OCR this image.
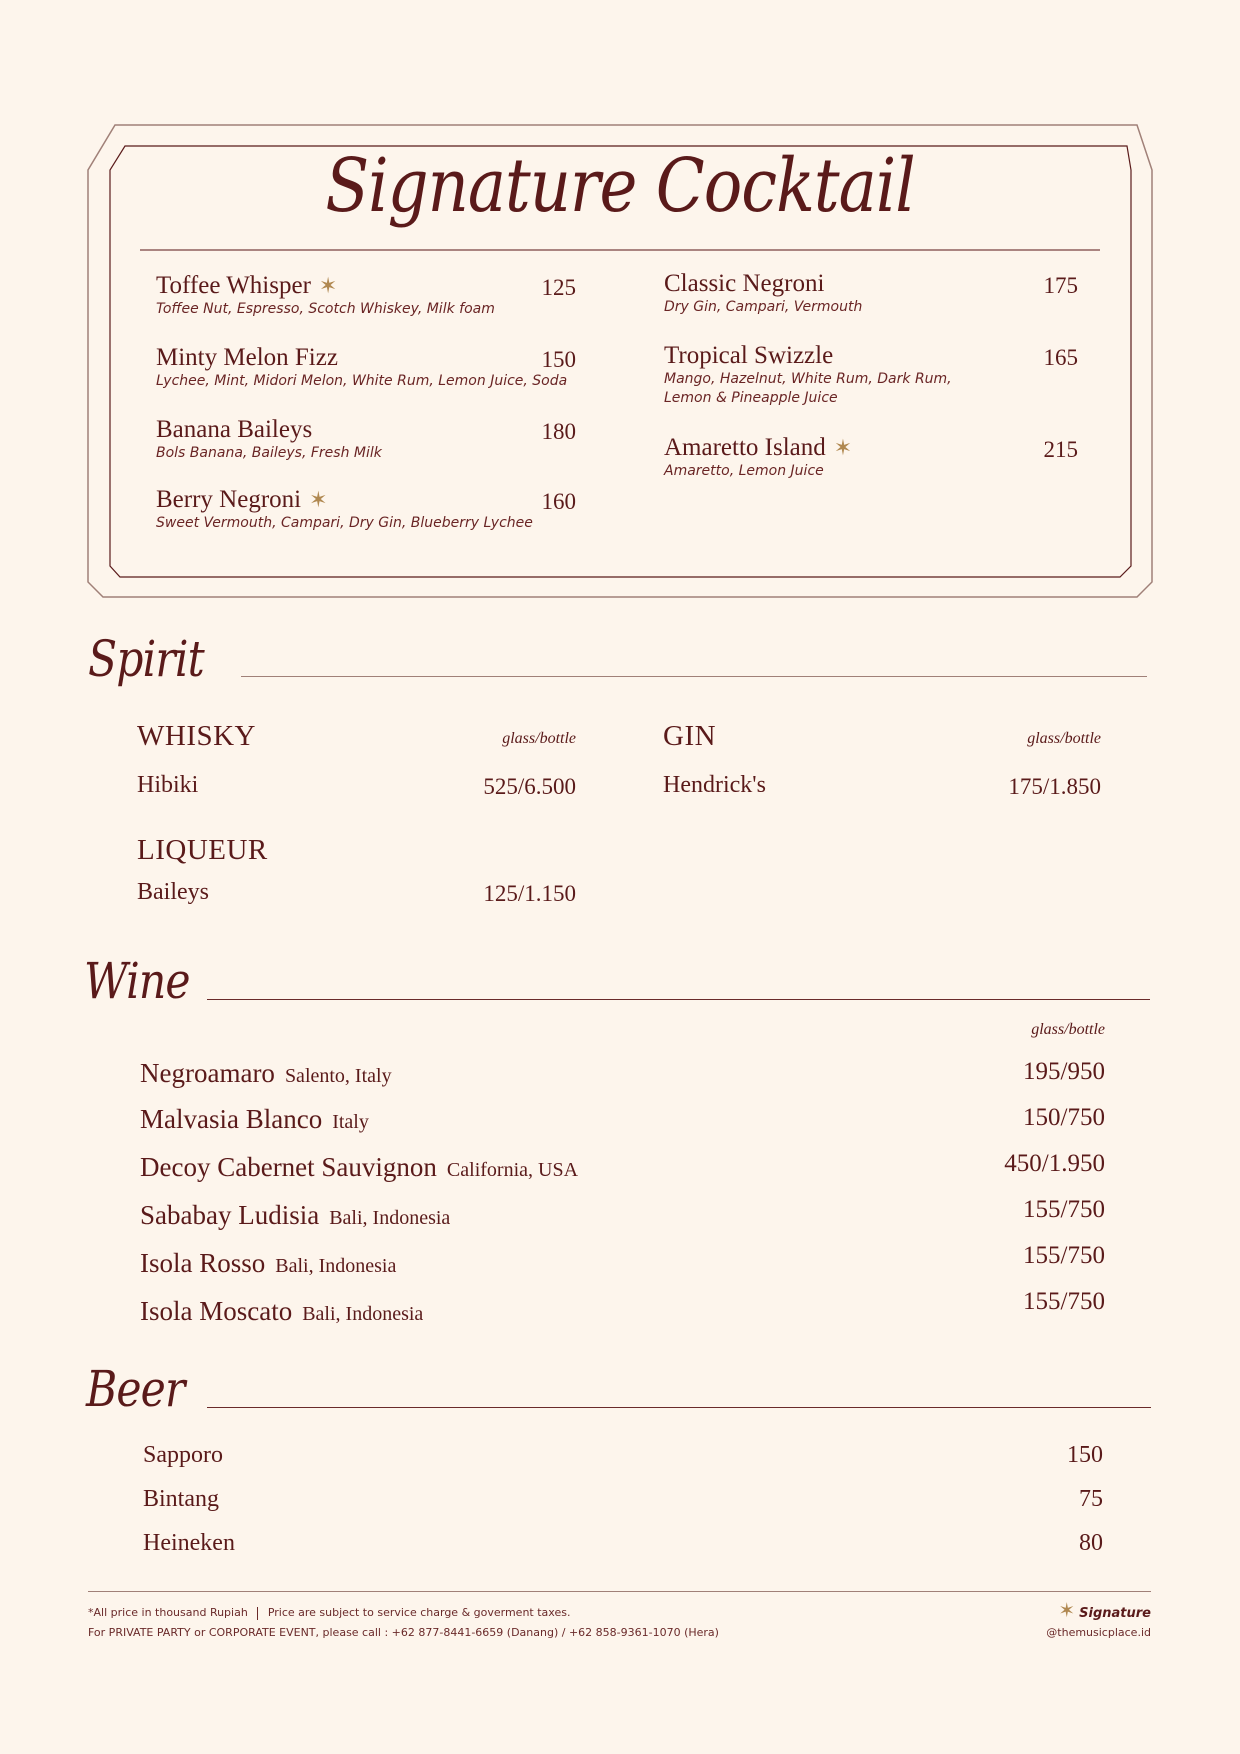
Signature Cocktail
Toffee Whisper ✶	125
Toffee Nut, Espresso, Scotch Whiskey, Milk foam
Minty Melon Fizz	150
Lychee, Mint, Midori Melon, White Rum, Lemon Juice, Soda
Banana Baileys	180
Bols Banana, Baileys, Fresh Milk
Berry Negroni ✶	160
Sweet Vermouth, Campari, Dry Gin, Blueberry Lychee
Classic Negroni	175
Dry Gin, Campari, Vermouth
Tropical Swizzle	165
Mango, Hazelnut, White Rum, Dark Rum,
Lemon & Pineapple Juice
Amaretto Island ✶	215
Amaretto, Lemon Juice
Spirit
WHISKY	glass/bottle
Hibiki	525/6.500
GIN	glass/bottle
Hendrick's	175/1.850
LIQUEUR
Baileys	125/1.150
Wine
glass/bottle
Negroamaro Salento, Italy	195/950
Malvasia Blanco Italy	150/750
Decoy Cabernet Sauvignon California, USA	450/1.950
Sababay Ludisia Bali, Indonesia	155/750
Isola Rosso Bali, Indonesia	155/750
Isola Moscato Bali, Indonesia	155/750
Beer
Sapporo	150
Bintang	75
Heineken	80
*All price in thousand Rupiah Price are subject to service charge & goverment taxes.
For PRIVATE PARTY or CORPORATE EVENT, please call : +62 877-8441-6659 (Danang) / +62 858-9361-1070 (Hera)
✶ Signature
@themusicplace.id
